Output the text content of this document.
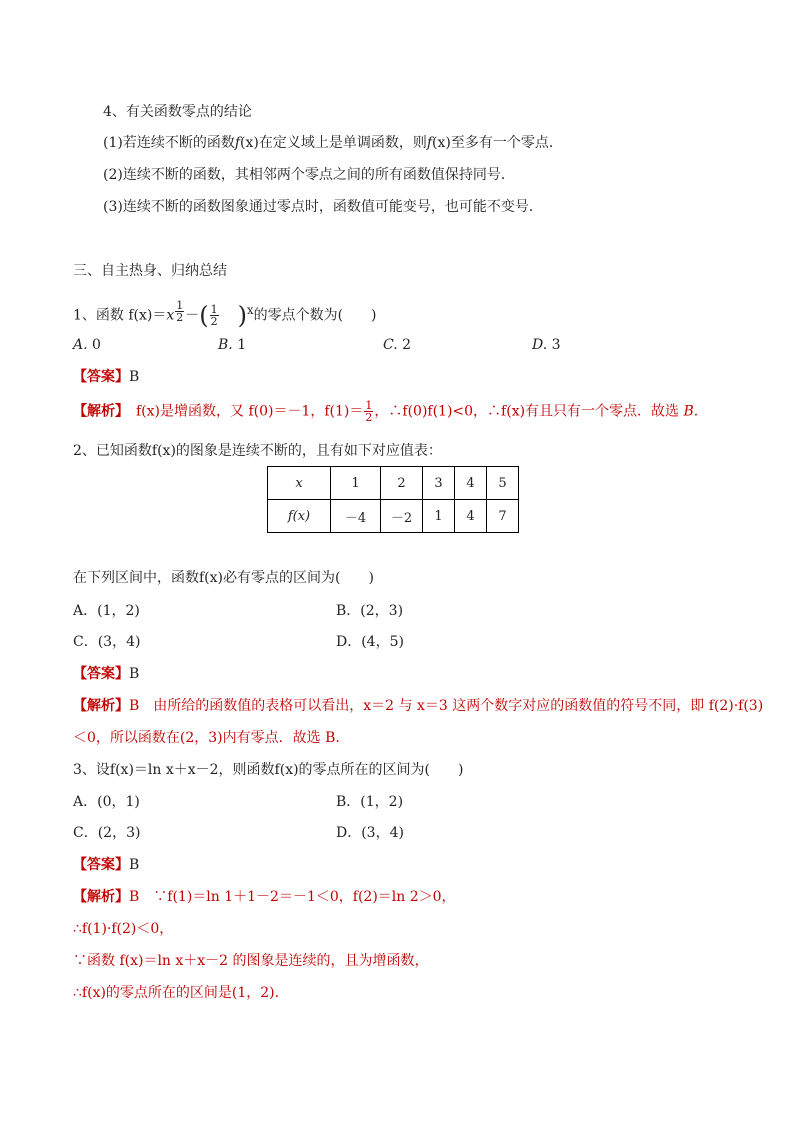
4、有关函数零点的结论
(1)若连续不断的函数f(x)在定义域上是单调函数，则f(x)至多有一个零点．
(2)连续不断的函数，其相邻两个零点之间的所有函数值保持同号．
(3)连续不断的函数图象通过零点时，函数值可能变号，也可能不变号．
三、自主热身、归纳总结
1、函数 f(x)＝x $^{\frac{1}{2}}$ －( $\frac{1}{2} )^x$的零点个数为(　　)
A. 0	B. 1	C. 2	D. 3
【答案】B
【解析】　 f(x)是增函数，又 f(0)＝－1，$f(1)= \frac{1}{2}$ ，∴f(0)f(1)<0，∴f(x)有且只有一个零点．故选 B.
2、已知函数f(x)的图象是连续不断的，且有如下对应值表：
x	1	2	3	4	5
f(x)	－4	－2	1	4	7
在下列区间中，函数f(x)必有零点的区间为(　　)
A．(1，2)	B．(2，3)
C．(3，4)	D．(4，5)
【答案】B
【解析】B　由所给的函数值的表格可以看出，x＝2 与 x＝3 这两个数字对应的函数值的符号不同，即 f(2)·f(3)
＜0，所以函数在(2，3)内有零点．故选 B.
3、设f(x)＝ln x＋x－2，则函数f(x)的零点所在的区间为(　　)
A．(0，1)	B．(1，2)
C．(2，3)	D．(3，4)
【答案】B
【解析】B　∵f(1)＝ln 1＋1－2＝－1＜0，f(2)＝ln 2＞0，
∴f(1)·f(2)＜0，
∵函数 f(x)＝ln x＋x－2 的图象是连续的，且为增函数，
∴f(x)的零点所在的区间是(1，2)．
